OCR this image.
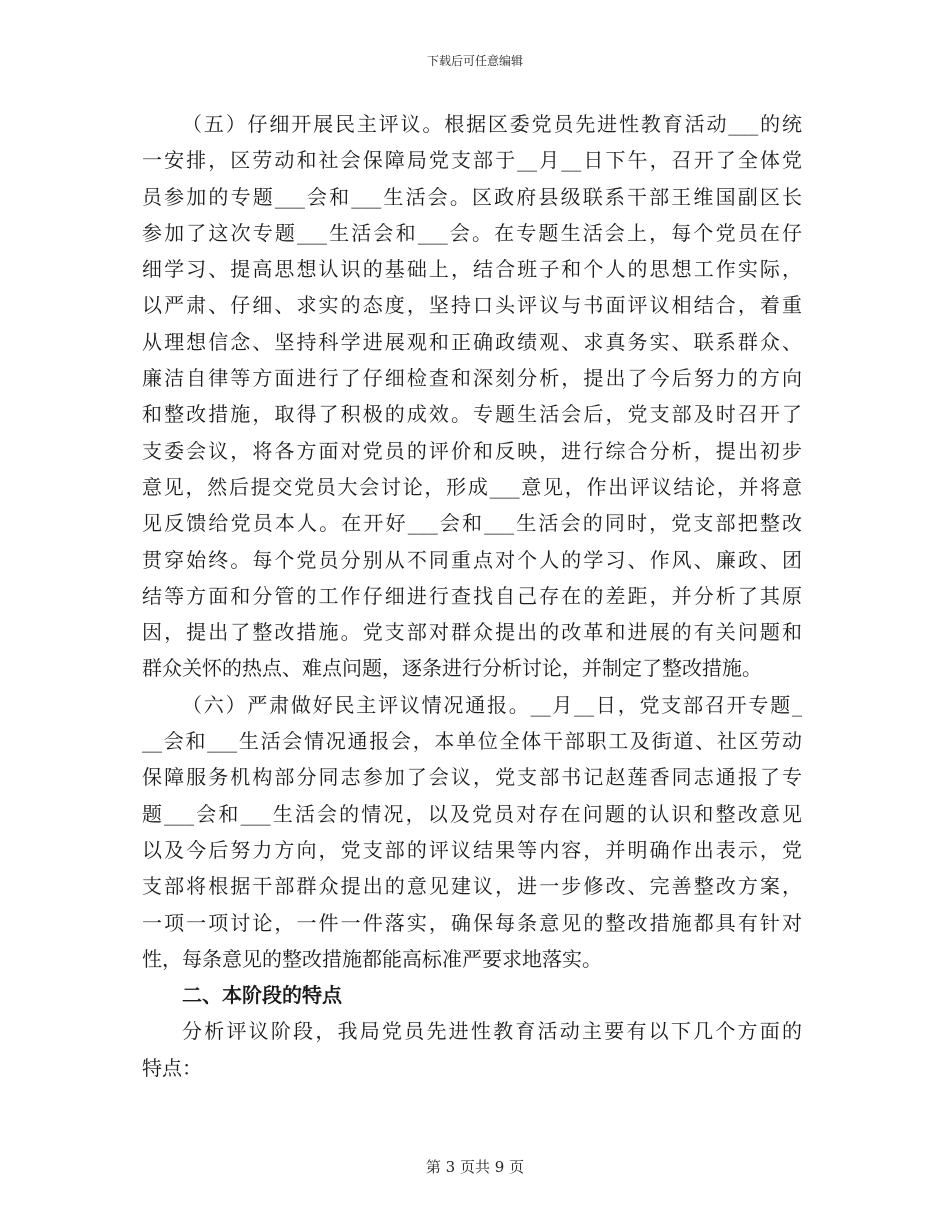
下载后可任意编辑
（五）仔细开展民主评议。根据区委党员先进性教育活动___的统
一安排，区劳动和社会保障局党支部于__月__日下午，召开了全体党
员参加的专题___会和___生活会。区政府县级联系干部王维国副区长
参加了这次专题___生活会和___会。在专题生活会上，每个党员在仔
细学习、提高思想认识的基础上，结合班子和个人的思想工作实际，
以严肃、仔细、求实的态度，坚持口头评议与书面评议相结合，着重
从理想信念、坚持科学进展观和正确政绩观、求真务实、联系群众、
廉洁自律等方面进行了仔细检查和深刻分析，提出了今后努力的方向
和整改措施，取得了积极的成效。专题生活会后，党支部及时召开了
支委会议，将各方面对党员的评价和反映，进行综合分析，提出初步
意见，然后提交党员大会讨论，形成___意见，作出评议结论，并将意
见反馈给党员本人。在开好___会和___生活会的同时，党支部把整改
贯穿始终。每个党员分别从不同重点对个人的学习、作风、廉政、团
结等方面和分管的工作仔细进行查找自己存在的差距，并分析了其原
因，提出了整改措施。党支部对群众提出的改革和进展的有关问题和
群众关怀的热点、难点问题，逐条进行分析讨论，并制定了整改措施。
（六）严肃做好民主评议情况通报。__月__日，党支部召开专题_
__会和___生活会情况通报会，本单位全体干部职工及街道、社区劳动
保障服务机构部分同志参加了会议，党支部书记赵莲香同志通报了专
题___会和___生活会的情况，以及党员对存在问题的认识和整改意见
以及今后努力方向，党支部的评议结果等内容，并明确作出表示，党
支部将根据干部群众提出的意见建议，进一步修改、完善整改方案，
一项一项讨论，一件一件落实，确保每条意见的整改措施都具有针对
性，每条意见的整改措施都能高标准严要求地落实。
二、本阶段的特点
分析评议阶段，我局党员先进性教育活动主要有以下几个方面的
特点：
第 3 页共 9 页
